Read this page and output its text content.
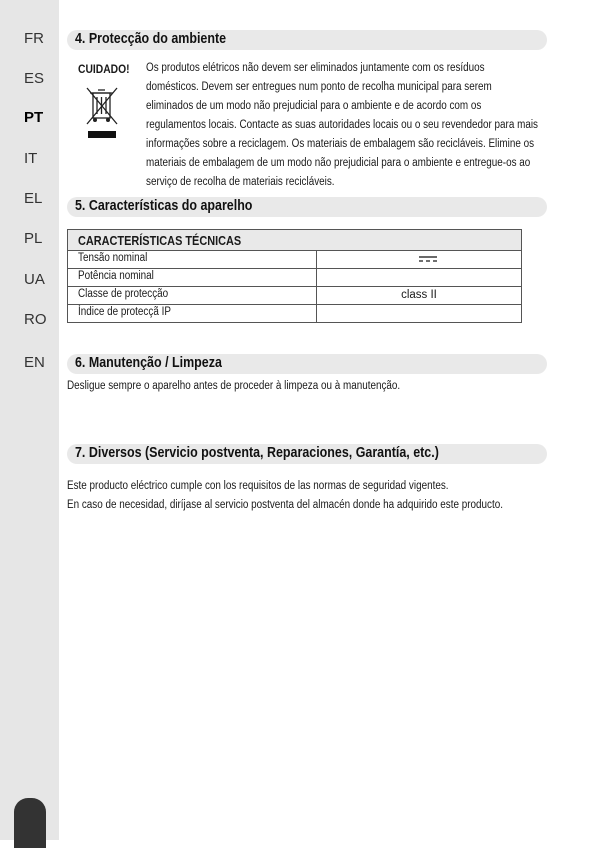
FR
ES
PT
IT
EL
PL
UA
RO
EN
4. Protecção do ambiente
CUIDADO! Os produtos elétricos não devem ser eliminados juntamente com os resíduos
domésticos. Devem ser entregues num ponto de recolha municipal para serem
eliminados de um modo não prejudicial para o ambiente e de acordo com os
regulamentos locais. Contacte as suas autoridades locais ou o seu revendedor para mais
informações sobre a reciclagem. Os materiais de embalagem são recicláveis. Elimine os
materiais de embalagem de um modo não prejudicial para o ambiente e entregue-os ao
serviço de recolha de materiais recicláveis.
5. Características do aparelho
CARACTERÍSTICAS TÉCNICAS
Tensão nominal
Potência nominal
Classe de protecção	class II
Índice de protecçã IP
6. Manutenção / Limpeza
Desligue sempre o aparelho antes de proceder à limpeza ou à manutenção.
7. Diversos (Servicio postventa, Reparaciones, Garantía, etc.)
Este producto eléctrico cumple con los requisitos de las normas de seguridad vigentes.
En caso de necesidad, diríjase al servicio postventa del almacén donde ha adquirido este producto.
